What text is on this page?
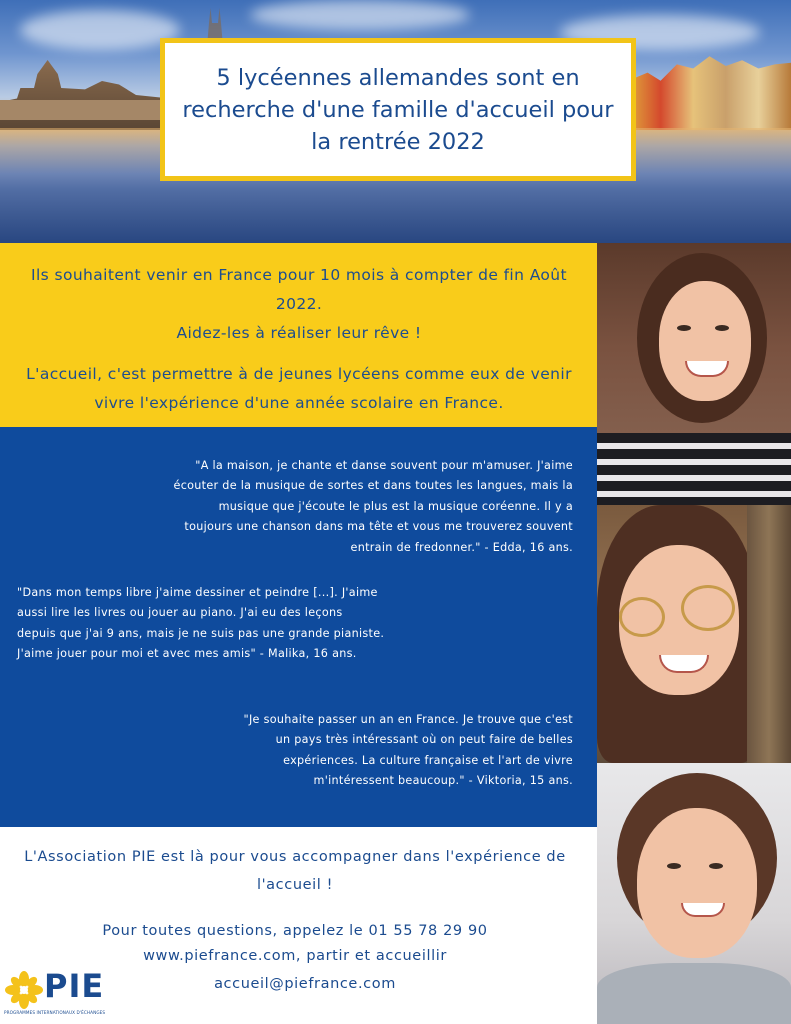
5 lycéennes allemandes sont en recherche d'une famille d'accueil pour la rentrée 2022

Ils souhaitent venir en France pour 10 mois à compter de fin Août 2022.

Aidez-les à réaliser leur rêve !

L'accueil, c'est permettre à de jeunes lycéens comme eux de venir vivre l'expérience d'une année scolaire en France.

"A la maison, je chante et danse souvent pour m'amuser. J'aime écouter de la musique de sortes et dans toutes les langues, mais la musique que j'écoute le plus est la musique coréenne. Il y a toujours une chanson dans ma tête et vous me trouverez souvent entrain de fredonner." - Edda, 16 ans.

"Dans mon temps libre j'aime dessiner et peindre [...]. J'aime aussi lire les livres ou jouer au piano. J'ai eu des leçons depuis que j'ai 9 ans, mais je ne suis pas une grande pianiste. J'aime jouer pour moi et avec mes amis" - Malika, 16 ans.

"Je souhaite passer un an en France. Je trouve que c'est un pays très intéressant où on peut faire de belles expériences. La culture française et l'art de vivre m'intéressent beaucoup." - Viktoria, 15 ans.

L'Association PIE est là pour vous accompagner dans l'expérience de l'accueil !

Pour toutes questions, appelez le 01 55 78 29 90

www.piefrance.com, partir et accueillir

accueil@piefrance.com

PIE
PROGRAMMES INTERNATIONAUX D'ÉCHANGES
